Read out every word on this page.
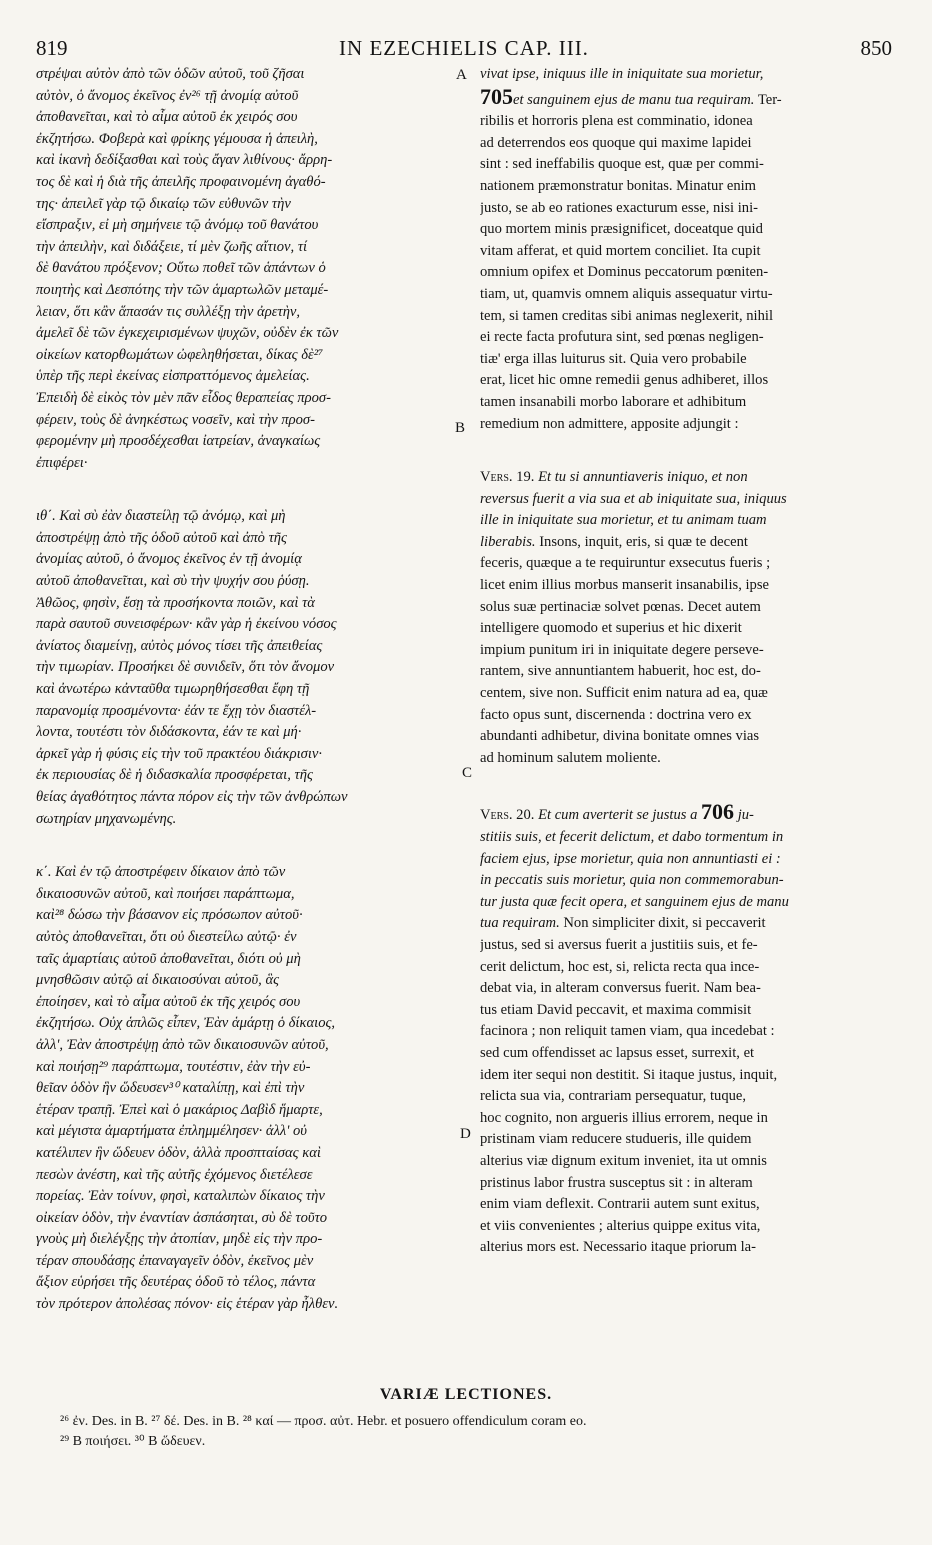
819	IN EZECHIELIS CAP. III.	850
A
B
C
D
στρέψαι αὐτὸν ἀπὸ τῶν ὁδῶν αὐτοῦ, τοῦ ζῆσαι
αὐτὸν, ὁ ἄνομος ἐκεῖνος ἐν²⁶ τῇ ἀνομίᾳ αὐτοῦ
ἀποθανεῖται, καὶ τὸ αἷμα αὐτοῦ ἐκ χειρός σου
ἐκζητήσω. Φοβερὰ καὶ φρίκης γέμουσα ἡ ἀπειλὴ,
καὶ ἱκανὴ δεδίξασθαι καὶ τοὺς ἄγαν λιθίνους· ἄρρη-
τος δὲ καὶ ἡ διὰ τῆς ἀπειλῆς προφαινομένη ἀγαθό-
της· ἀπειλεῖ γὰρ τῷ δικαίῳ τῶν εὐθυνῶν τὴν
εἴσπραξιν, εἰ μὴ σημήνειε τῷ ἀνόμῳ τοῦ θανάτου
τὴν ἀπειλὴν, καὶ διδάξειε, τί μὲν ζωῆς αἴτιον, τί
δὲ θανάτου πρόξενον; Οὕτω ποθεῖ τῶν ἁπάντων ὁ
ποιητὴς καὶ Δεσπότης τὴν τῶν ἁμαρτωλῶν μεταμέ-
λειαν, ὅτι κἂν ἅπασάν τις συλλέξῃ τὴν ἀρετὴν,
ἀμελεῖ δὲ τῶν ἐγκεχειρισμένων ψυχῶν, οὐδὲν ἐκ τῶν
οἰκείων κατορθωμάτων ὠφεληθήσεται, δίκας δὲ²⁷
ὑπὲρ τῆς περὶ ἐκείνας εἰσπραττόμενος ἀμελείας.
Ἐπειδὴ δὲ εἰκὸς τὸν μὲν πᾶν εἶδος θεραπείας προσ-
φέρειν, τοὺς δὲ ἀνηκέστως νοσεῖν, καὶ τὴν προσ-
φερομένην μὴ προσδέχεσθαι ἰατρείαν, ἀναγκαίως
ἐπιφέρει·
ιθ΄. Καὶ σὺ ἐὰν διαστείλῃ τῷ ἀνόμῳ, καὶ μὴ
ἀποστρέψῃ ἀπὸ τῆς ὁδοῦ αὐτοῦ καὶ ἀπὸ τῆς
ἀνομίας αὐτοῦ, ὁ ἄνομος ἐκεῖνος ἐν τῇ ἀνομίᾳ
αὐτοῦ ἀποθανεῖται, καὶ σὺ τὴν ψυχήν σου ῥύσῃ.
Ἀθῶος, φησὶν, ἔσῃ τὰ προσήκοντα ποιῶν, καὶ τὰ
παρὰ σαυτοῦ συνεισφέρων· κἂν γὰρ ἡ ἐκείνου νόσος
ἀνίατος διαμείνῃ, αὐτὸς μόνος τίσει τῆς ἀπειθείας
τὴν τιμωρίαν. Προσήκει δὲ συνιδεῖν, ὅτι τὸν ἄνομον
καὶ ἀνωτέρω κἀνταῦθα τιμωρηθήσεσθαι ἔφη τῇ
παρανομίᾳ προσμένοντα· ἐάν τε ἔχῃ τὸν διαστέλ-
λοντα, τουτέστι τὸν διδάσκοντα, ἐάν τε καὶ μή·
ἀρκεῖ γὰρ ἡ φύσις εἰς τὴν τοῦ πρακτέου διάκρισιν·
ἐκ περιουσίας δὲ ἡ διδασκαλία προσφέρεται, τῆς
θείας ἀγαθότητος πάντα πόρον εἰς τὴν τῶν ἀνθρώπων
σωτηρίαν μηχανωμένης.
κ΄. Καὶ ἐν τῷ ἀποστρέφειν δίκαιον ἀπὸ τῶν
δικαιοσυνῶν αὐτοῦ, καὶ ποιήσει παράπτωμα,
καὶ²⁸ δώσω τὴν βάσανον εἰς πρόσωπον αὐτοῦ·
αὐτὸς ἀποθανεῖται, ὅτι οὐ διεστείλω αὐτῷ· ἐν
ταῖς ἁμαρτίαις αὐτοῦ ἀποθανεῖται, διότι οὐ μὴ
μνησθῶσιν αὐτῷ αἱ δικαιοσύναι αὐτοῦ, ἃς
ἐποίησεν, καὶ τὸ αἷμα αὐτοῦ ἐκ τῆς χειρός σου
ἐκζητήσω. Οὐχ ἁπλῶς εἶπεν, Ἐὰν ἁμάρτῃ ὁ δίκαιος,
ἀλλ', Ἐὰν ἀποστρέψῃ ἀπὸ τῶν δικαιοσυνῶν αὐτοῦ,
καὶ ποιήσῃ²⁹ παράπτωμα, τουτέστιν, ἐὰν τὴν εὐ-
θεῖαν ὁδὸν ἣν ὥδευσεν³⁰ καταλίπῃ, καὶ ἐπὶ τὴν
ἑτέραν τραπῇ. Ἐπεὶ καὶ ὁ μακάριος Δαβὶδ ἥμαρτε,
καὶ μέγιστα ἁμαρτήματα ἐπλημμέλησεν· ἀλλ' οὐ
κατέλιπεν ἣν ὥδευεν ὁδὸν, ἀλλὰ προσπταίσας καὶ
πεσὼν ἀνέστη, καὶ τῆς αὐτῆς ἐχόμενος διετέλεσε
πορείας. Ἐὰν τοίνυν, φησὶ, καταλιπὼν δίκαιος τὴν
οἰκείαν ὁδὸν, τὴν ἐναντίαν ἀσπάσηται, σὺ δὲ τοῦτο
γνοὺς μὴ διελέγξῃς τὴν ἀτοπίαν, μηδὲ εἰς τὴν προ-
τέραν σπουδάσῃς ἐπαναγαγεῖν ὁδὸν, ἐκεῖνος μὲν
ἄξιον εὑρήσει τῆς δευτέρας ὁδοῦ τὸ τέλος, πάντα
τὸν πρότερον ἀπολέσας πόνον· εἰς ἑτέραν γὰρ ἦλθεν.
vivat ipse, iniquus ille in iniquitate sua morietur,
705et sanguinem ejus de manu tua requiram. Ter-
ribilis et horroris plena est comminatio, idonea
ad deterrendos eos quoque qui maxime lapidei
sint : sed ineffabilis quoque est, quæ per commi-
nationem præmonstratur bonitas. Minatur enim
justo, se ab eo rationes exacturum esse, nisi ini-
quo mortem minis præsignificet, doceatque quid
vitam afferat, et quid mortem conciliet. Ita cupit
omnium opifex et Dominus peccatorum pœniten-
tiam, ut, quamvis omnem aliquis assequatur virtu-
tem, si tamen creditas sibi animas neglexerit, nihil
ei recte facta profutura sint, sed pœnas negligen-
tiæ' erga illas luiturus sit. Quia vero probabile
erat, licet hic omne remedii genus adhiberet, illos
tamen insanabili morbo laborare et adhibitum
remedium non admittere, apposite adjungit :
Vers. 19. Et tu si annuntiaveris iniquo, et non
reversus fuerit a via sua et ab iniquitate sua, iniquus
ille in iniquitate sua morietur, et tu animam tuam
liberabis. Insons, inquit, eris, si quæ te decent
feceris, quæque a te requiruntur exsecutus fueris ;
licet enim illius morbus manserit insanabilis, ipse
solus suæ pertinaciæ solvet pœnas. Decet autem
intelligere quomodo et superius et hic dixerit
impium punitum iri in iniquitate degere perseve-
rantem, sive annuntiantem habuerit, hoc est, do-
centem, sive non. Sufficit enim natura ad ea, quæ
facto opus sunt, discernenda : doctrina vero ex
abundanti adhibetur, divina bonitate omnes vias
ad hominum salutem moliente.
Vers. 20. Et cum averterit se justus a 706 ju-
stitiis suis, et fecerit delictum, et dabo tormentum in
faciem ejus, ipse morietur, quia non annuntiasti ei :
in peccatis suis morietur, quia non commemorabun-
tur justa quæ fecit opera, et sanguinem ejus de manu
tua requiram. Non simpliciter dixit, si peccaverit
justus, sed si aversus fuerit a justitiis suis, et fe-
cerit delictum, hoc est, si, relicta recta qua ince-
debat via, in alteram conversus fuerit. Nam bea-
tus etiam David peccavit, et maxima commisit
facinora ; non reliquit tamen viam, qua incedebat :
sed cum offendisset ac lapsus esset, surrexit, et
idem iter sequi non destitit. Si itaque justus, inquit,
relicta sua via, contrariam persequatur, tuque,
hoc cognito, non argueris illius errorem, neque in
pristinam viam reducere studueris, ille quidem
alterius viæ dignum exitum inveniet, ita ut omnis
pristinus labor frustra susceptus sit : in alteram
enim viam deflexit. Contrarii autem sunt exitus,
et viis convenientes ; alterius quippe exitus vita,
alterius mors est. Necessario itaque priorum la-
VARIÆ LECTIONES.
²⁶ ἐν. Des. in B. ²⁷ δέ. Des. in B. ²⁸ καί — προσ. αὐτ. Hebr. et posuero offendiculum coram eo.
²⁹ B ποιήσει. ³⁰ B ὥδευεν.
